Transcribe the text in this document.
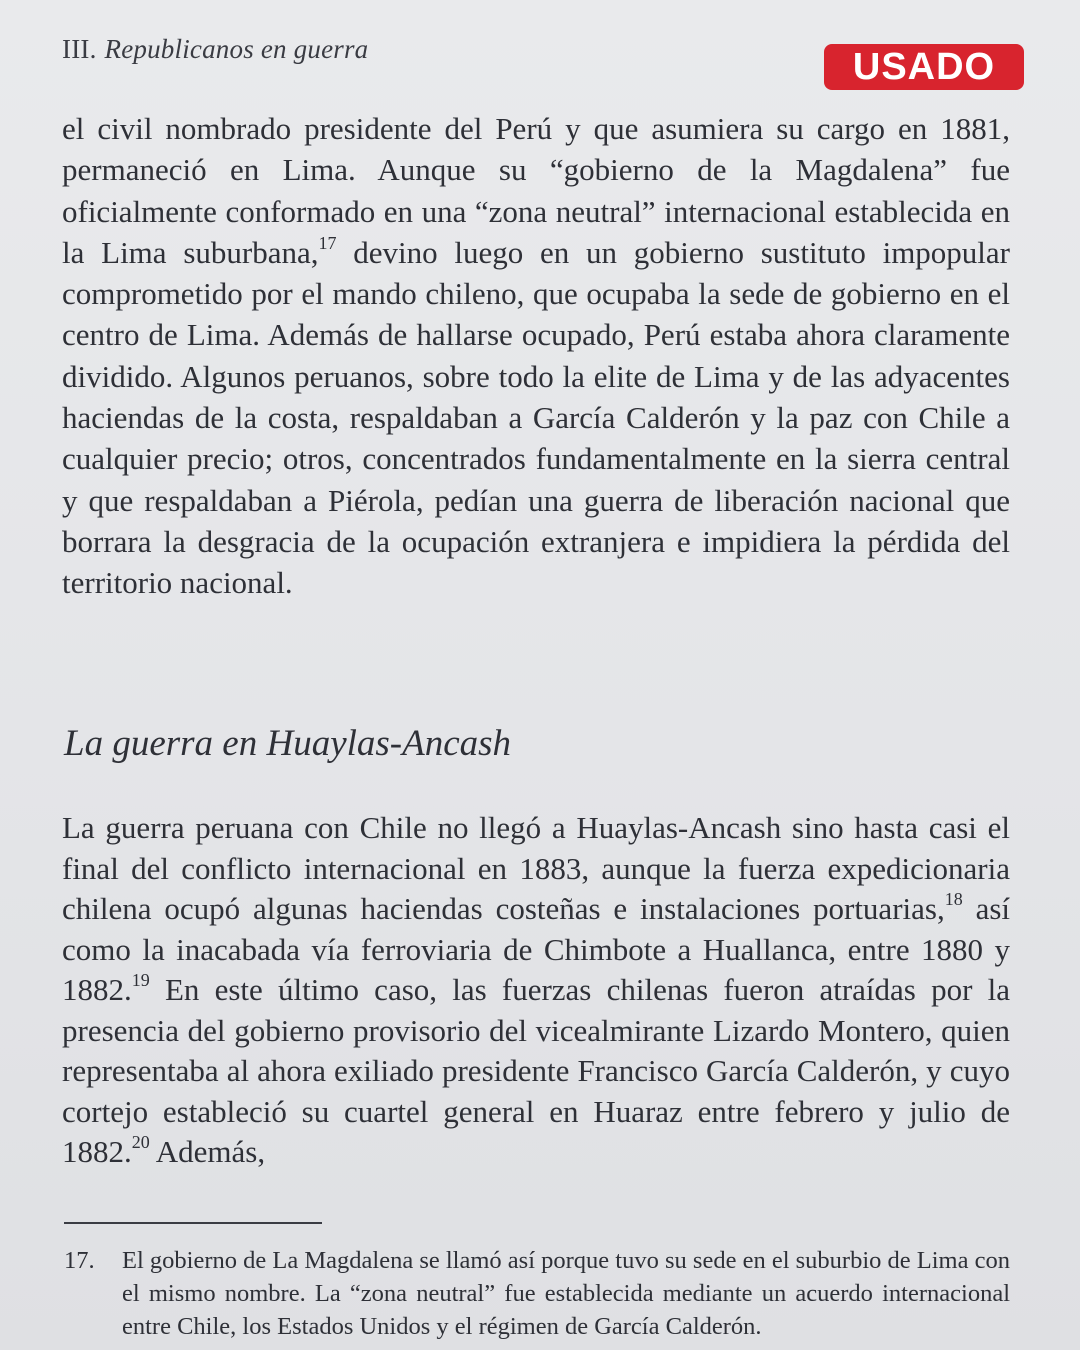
III. Republicanos en guerra	USADO

el civil nombrado presidente del Perú y que asumiera su cargo en 1881, permaneció en Lima. Aunque su “gobierno de la Magdalena” fue oficialmente conformado en una “zona neutral” internacional establecida en la Lima suburbana,$^{17}$ devino luego en un gobierno sustituto impopular comprometido por el mando chileno, que ocupaba la sede de gobierno en el centro de Lima. Además de hallarse ocupado, Perú estaba ahora claramente dividido. Algunos peruanos, sobre todo la elite de Lima y de las adyacentes haciendas de la costa, respaldaban a García Calderón y la paz con Chile a cualquier precio; otros, concentrados fundamentalmente en la sierra central y que respaldaban a Piérola, pedían una guerra de liberación nacional que borrara la desgracia de la ocupación extranjera e impidiera la pérdida del territorio nacional.

La guerra en Huaylas-Ancash

La guerra peruana con Chile no llegó a Huaylas-Ancash sino hasta casi el final del conflicto internacional en 1883, aunque la fuerza expedicionaria chilena ocupó algunas haciendas costeñas e instalaciones portuarias,$^{18}$ así como la inacabada vía ferroviaria de Chimbote a Huallanca, entre 1880 y 1882.19 En este último caso, las fuerzas chilenas fueron atraídas por la presencia del gobierno provisorio del vicealmirante Lizardo Montero, quien representaba al ahora exiliado presidente Francisco García Calderón, y cuyo cortejo estableció su cuartel general en Huaraz entre febrero y julio de 1882.20 Además,

17.	El gobierno de La Magdalena se llamó así porque tuvo su sede en el suburbio de Lima con el mismo nombre. La “zona neutral” fue establecida mediante un acuerdo internacional entre Chile, los Estados Unidos y el régimen de García Calderón.
